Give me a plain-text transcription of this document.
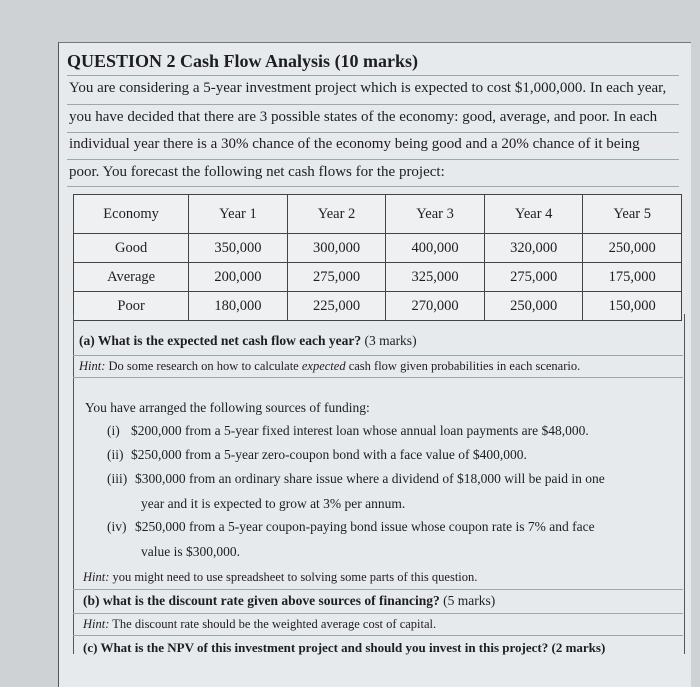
QUESTION 2 Cash Flow Analysis (10 marks)
You are considering a 5-year investment project which is expected to cost $1,000,000. In each year,
you have decided that there are 3 possible states of the economy: good, average, and poor. In each
individual year there is a 30% chance of the economy being good and a 20% chance of it being
poor. You forecast the following net cash flows for the project:
Economy	Year 1	Year 2	Year 3	Year 4	Year 5
Good	350,000	300,000	400,000	320,000	250,000
Average	200,000	275,000	325,000	275,000	175,000
Poor	180,000	225,000	270,000	250,000	150,000
(a) What is the expected net cash flow each year? (3 marks)
Hint: Do some research on how to calculate expected cash flow given probabilities in each scenario.
You have arranged the following sources of funding:
(i) $200,000 from a 5-year fixed interest loan whose annual loan payments are $48,000.
(ii) $250,000 from a 5-year zero-coupon bond with a face value of $400,000.
(iii) $300,000 from an ordinary share issue where a dividend of $18,000 will be paid in one
year and it is expected to grow at 3% per annum.
(iv) $250,000 from a 5-year coupon-paying bond issue whose coupon rate is 7% and face
value is $300,000.
Hint: you might need to use spreadsheet to solving some parts of this question.
(b) what is the discount rate given above sources of financing? (5 marks)
Hint: The discount rate should be the weighted average cost of capital.
(c) What is the NPV of this investment project and should you invest in this project? (2 marks)
